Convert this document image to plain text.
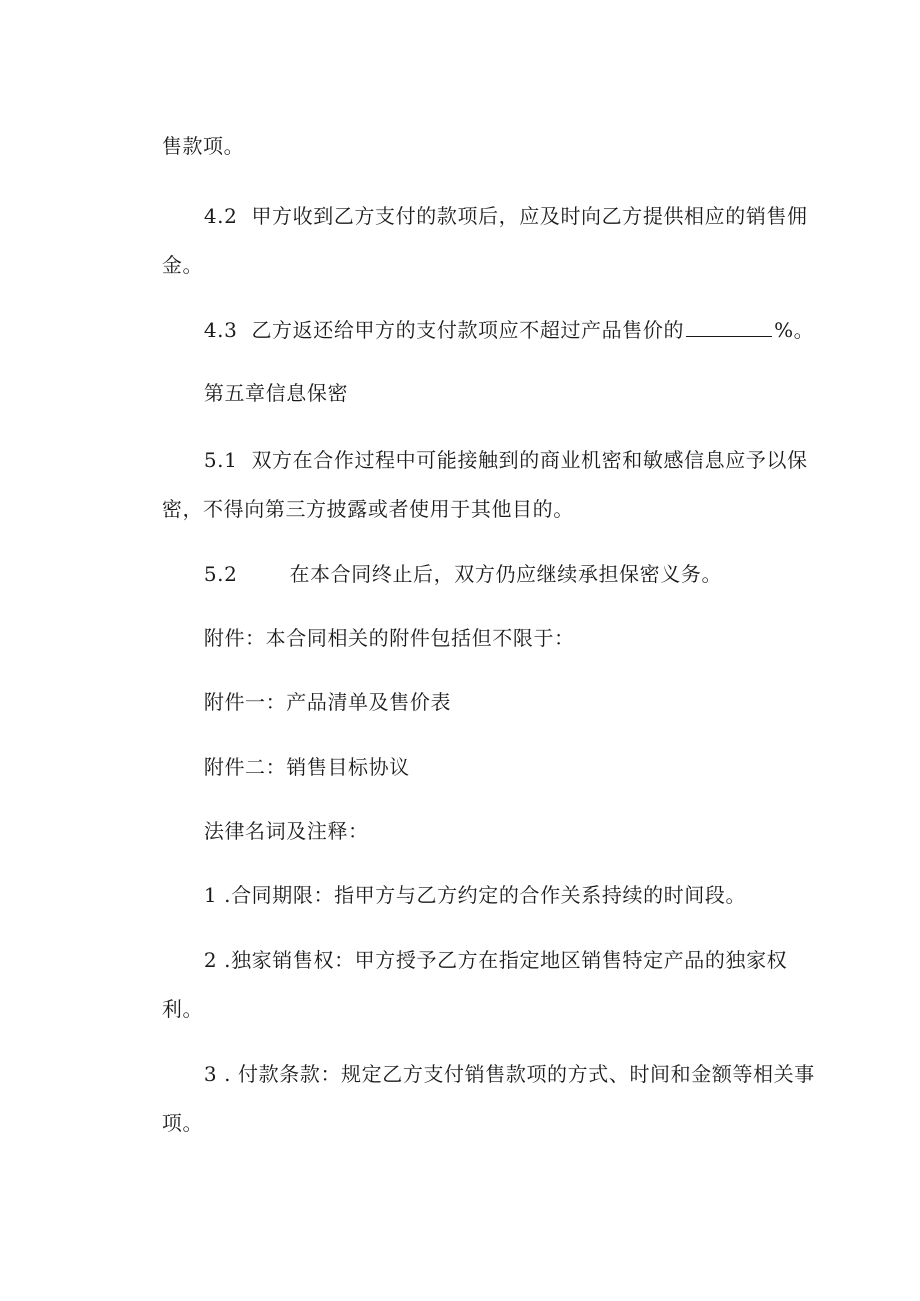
售款项。

4.2 甲方收到乙方支付的款项后，应及时向乙方提供相应的销售佣

金。

4.3 乙方返还给甲方的支付款项应不超过产品售价的	%。

第五章信息保密

5.1 双方在合作过程中可能接触到的商业机密和敏感信息应予以保

密，不得向第三方披露或者使用于其他目的。

5.2	在本合同终止后，双方仍应继续承担保密义务。

附件：本合同相关的附件包括但不限于：

附件一：产品清单及售价表

附件二：销售目标协议

法律名词及注释：

1 .合同期限：指甲方与乙方约定的合作关系持续的时间段。

2 .独家销售权：甲方授予乙方在指定地区销售特定产品的独家权

利。

3 . 付款条款：规定乙方支付销售款项的方式、时间和金额等相关事

项。
